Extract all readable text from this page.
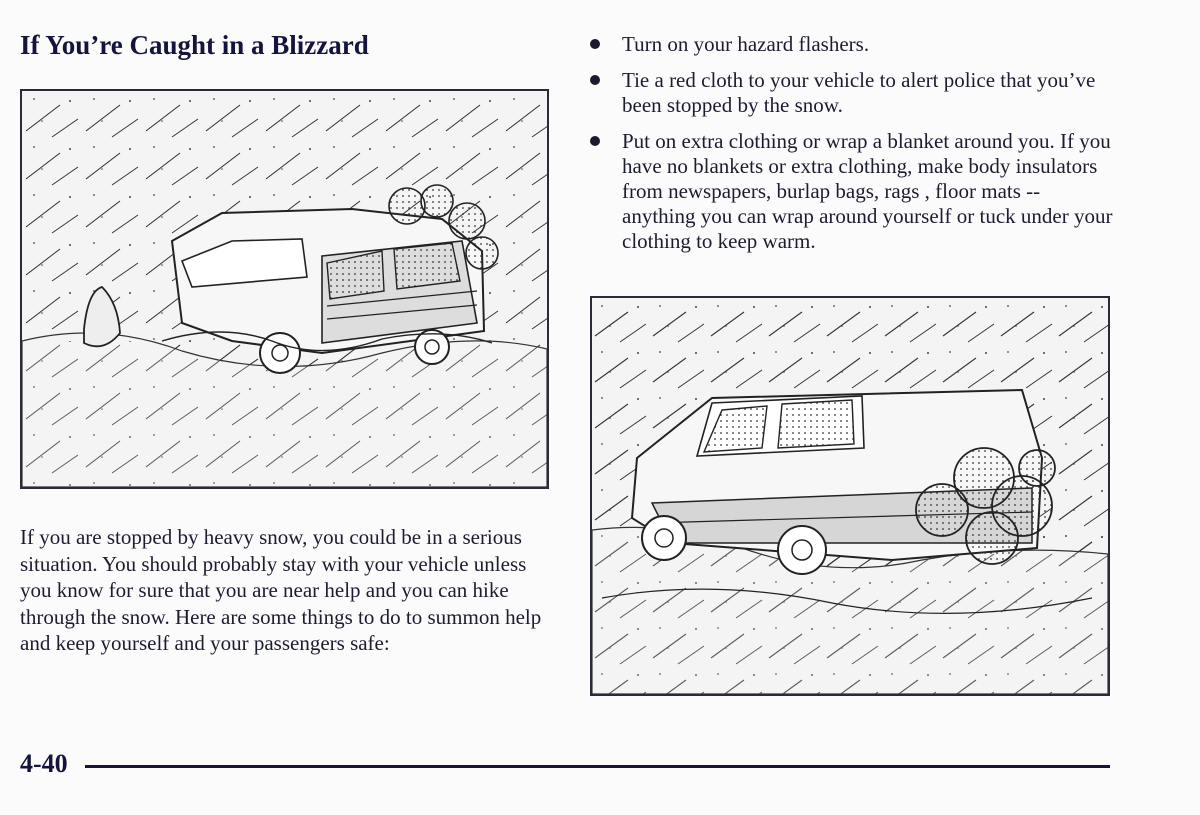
If You’re Caught in a Blizzard

If you are stopped by heavy snow, you could be in a serious situation. You should probably stay with your vehicle unless you know for sure that you are near help and you can hike through the snow. Here are some things to do to summon help and keep yourself and your passengers safe:

Turn on your hazard flashers.
Tie a red cloth to your vehicle to alert police that you’ve been stopped by the snow.
Put on extra clothing or wrap a blanket around you. If you have no blankets or extra clothing, make body insulators from newspapers, burlap bags, rags , floor mats -- anything you can wrap around yourself or tuck under your clothing to keep warm.
4-40
